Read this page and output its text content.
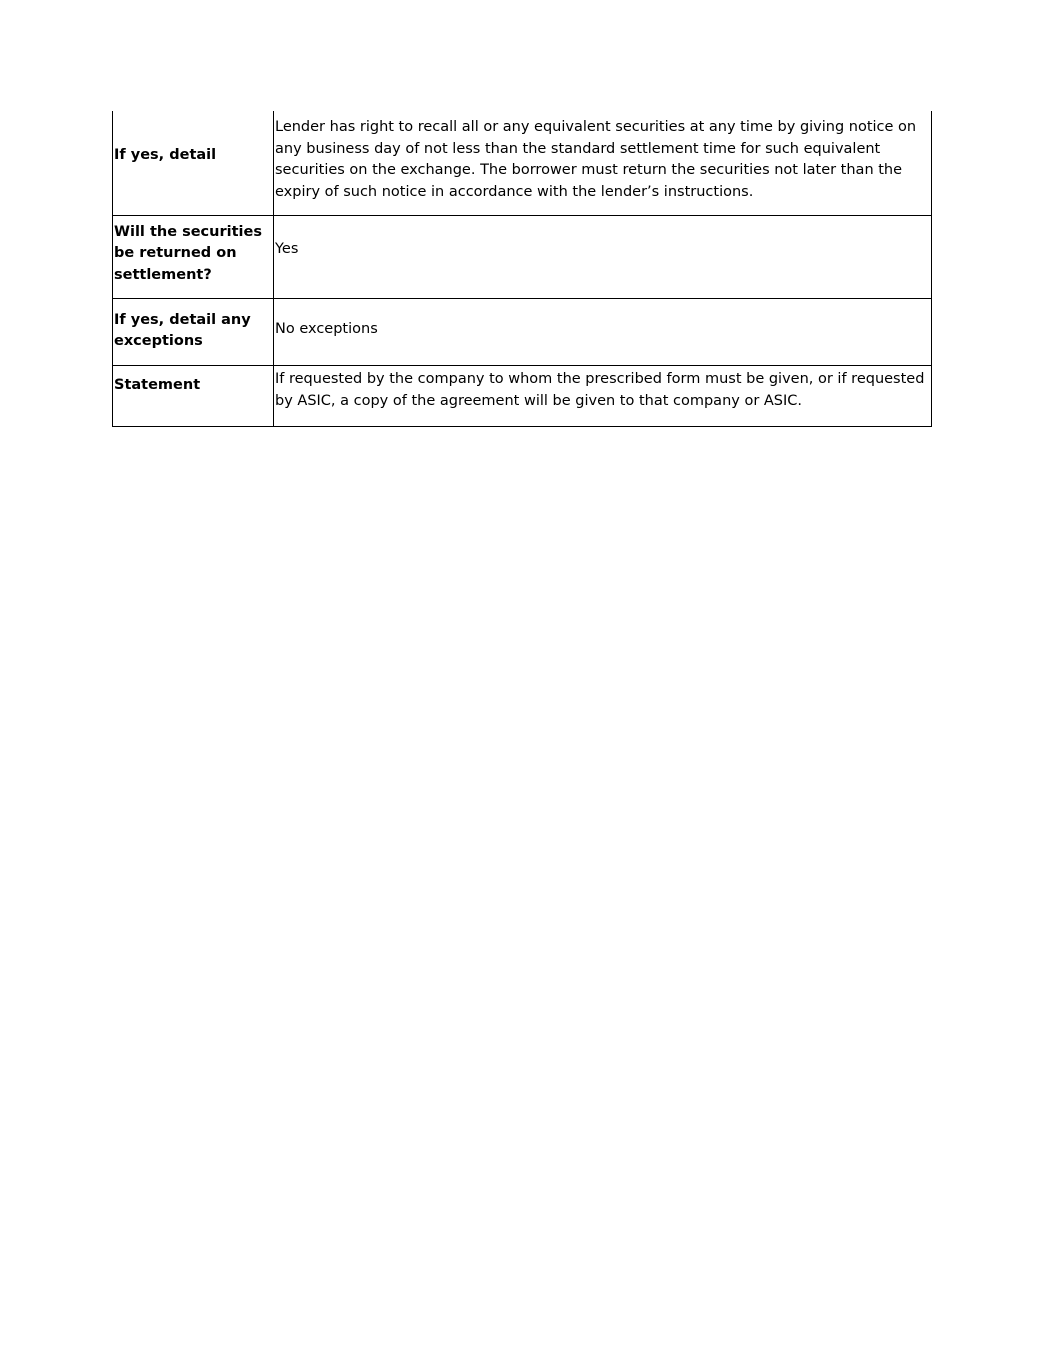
If yes, detail	Lender has right to recall all or any equivalent securities at any time by giving notice on any business day of not less than the standard settlement time for such equivalent securities on the exchange. The borrower must return the securities not later than the expiry of such notice in accordance with the lender’s instructions.

Will the securities be returned on settlement?	Yes

If yes, detail any exceptions	No exceptions

Statement	If requested by the company to whom the prescribed form must be given, or if requested by ASIC, a copy of the agreement will be given to that company or ASIC.
